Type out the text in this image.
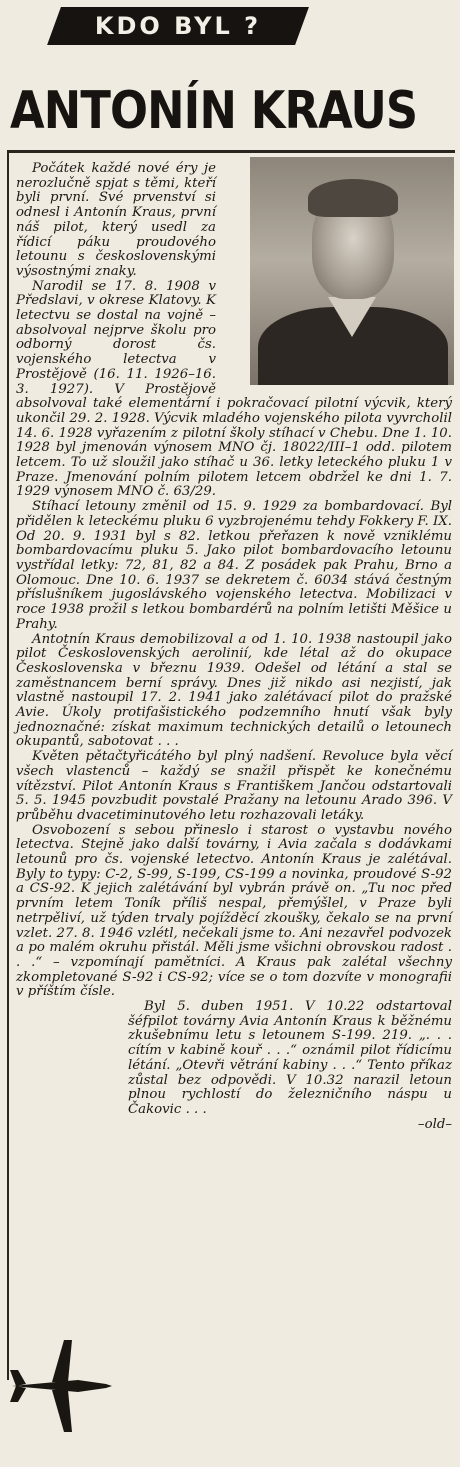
KDO BYL ?
ANTONÍN KRAUS

Počátek každé nové éry je nerozlučně spjat s těmi, kteří byli první. Své prvenství si odnesl i Antonín Kraus, první náš pilot, který usedl za řídicí páku proudového letounu s československými výsostnými znaky.

Narodil se 17. 8. 1908 v Předslavi, v okrese Klatovy. K letectvu se dostal na vojně – absolvoval nejprve školu pro odborný dorost čs. vojenského letectva v Prostějově (16. 11. 1926–16. 3. 1927). V Prostějově absolvoval také elementární i pokračovací pilotní výcvik, který ukončil 29. 2. 1928. Výcvik mladého vojenského pilota vyvrcholil 14. 6. 1928 vyřazením z pilotní školy stíhací v Chebu. Dne 1. 10. 1928 byl jmenován výnosem MNO čj. 18022/III–1 odd. pilotem letcem. To už sloužil jako stíhač u 36. letky leteckého pluku 1 v Praze. Jmenování polním pilotem letcem obdržel ke dni 1. 7. 1929 výnosem MNO č. 63/29.

Stíhací letouny změnil od 15. 9. 1929 za bombardovací. Byl přidělen k leteckému pluku 6 vyzbrojenému tehdy Fokkery F. IX. Od 20. 9. 1931 byl s 82. letkou přeřazen k nově vzniklému bombardovacímu pluku 5. Jako pilot bombardovacího letounu vystřídal letky: 72, 81, 82 a 84. Z posádek pak Prahu, Brno a Olomouc. Dne 10. 6. 1937 se dekretem č. 6034 stává čestným příslušníkem jugoslávského vojenského letectva. Mobilizaci v roce 1938 prožil s letkou bombardérů na polním letišti Měšice u Prahy.

Antotnín Kraus demobilizoval a od 1. 10. 1938 nastoupil jako pilot Československých aerolinií, kde létal až do okupace Československa v březnu 1939. Odešel od létání a stal se zaměstnancem berní správy. Dnes již nikdo asi nezjistí, jak vlastně nastoupil 17. 2. 1941 jako zalétávací pilot do pražské Avie. Úkoly protifašistického podzemního hnutí však byly jednoznačné: získat maximum technických detailů o letounech okupantů, sabotovat . . .

Květen pětačtyřicátého byl plný nadšení. Revoluce byla věcí všech vlastenců – každý se snažil přispět ke konečnému vítězství. Pilot Antonín Kraus s Františkem Jančou odstartovali 5. 5. 1945 povzbudit povstalé Pražany na letounu Arado 396. V průběhu dvacetiminutového letu rozhazovali letáky.

Osvobození s sebou přineslo i starost o vystavbu nového letectva. Stejně jako další továrny, i Avia začala s dodávkami letounů pro čs. vojenské letectvo. Antonín Kraus je zalétával. Byly to typy: C-2, S-99, S-199, CS-199 a novinka, proudové S-92 a CS-92. K jejich zalétávání byl vybrán právě on. „Tu noc před prvním letem Toník příliš nespal, přemýšlel, v Praze byli netrpěliví, už týden trvaly pojížděcí zkoušky, čekalo se na první vzlet. 27. 8. 1946 vzlétl, nečekali jsme to. Ani nezavřel podvozek a po malém okruhu přistál. Měli jsme všichni obrovskou radost . . .“ – vzpomínají pamětníci. A Kraus pak zalétal všechny zkompletované S-92 i CS-92; více se o tom dozvíte v monografii v příštím čísle.

Byl 5. duben 1951. V 10.22 odstartoval šéfpilot továrny Avia Antonín Kraus k běžnému zkušebnímu letu s letounem S-199. 219. „. . . cítím v kabině kouř . . .“ oznámil pilot řídicímu létání. „Otevři větrání kabiny . . .“ Tento příkaz zůstal bez odpovědi. V 10.32 narazil letoun plnou rychlostí do železničního náspu u Čakovic . . .

–old–
